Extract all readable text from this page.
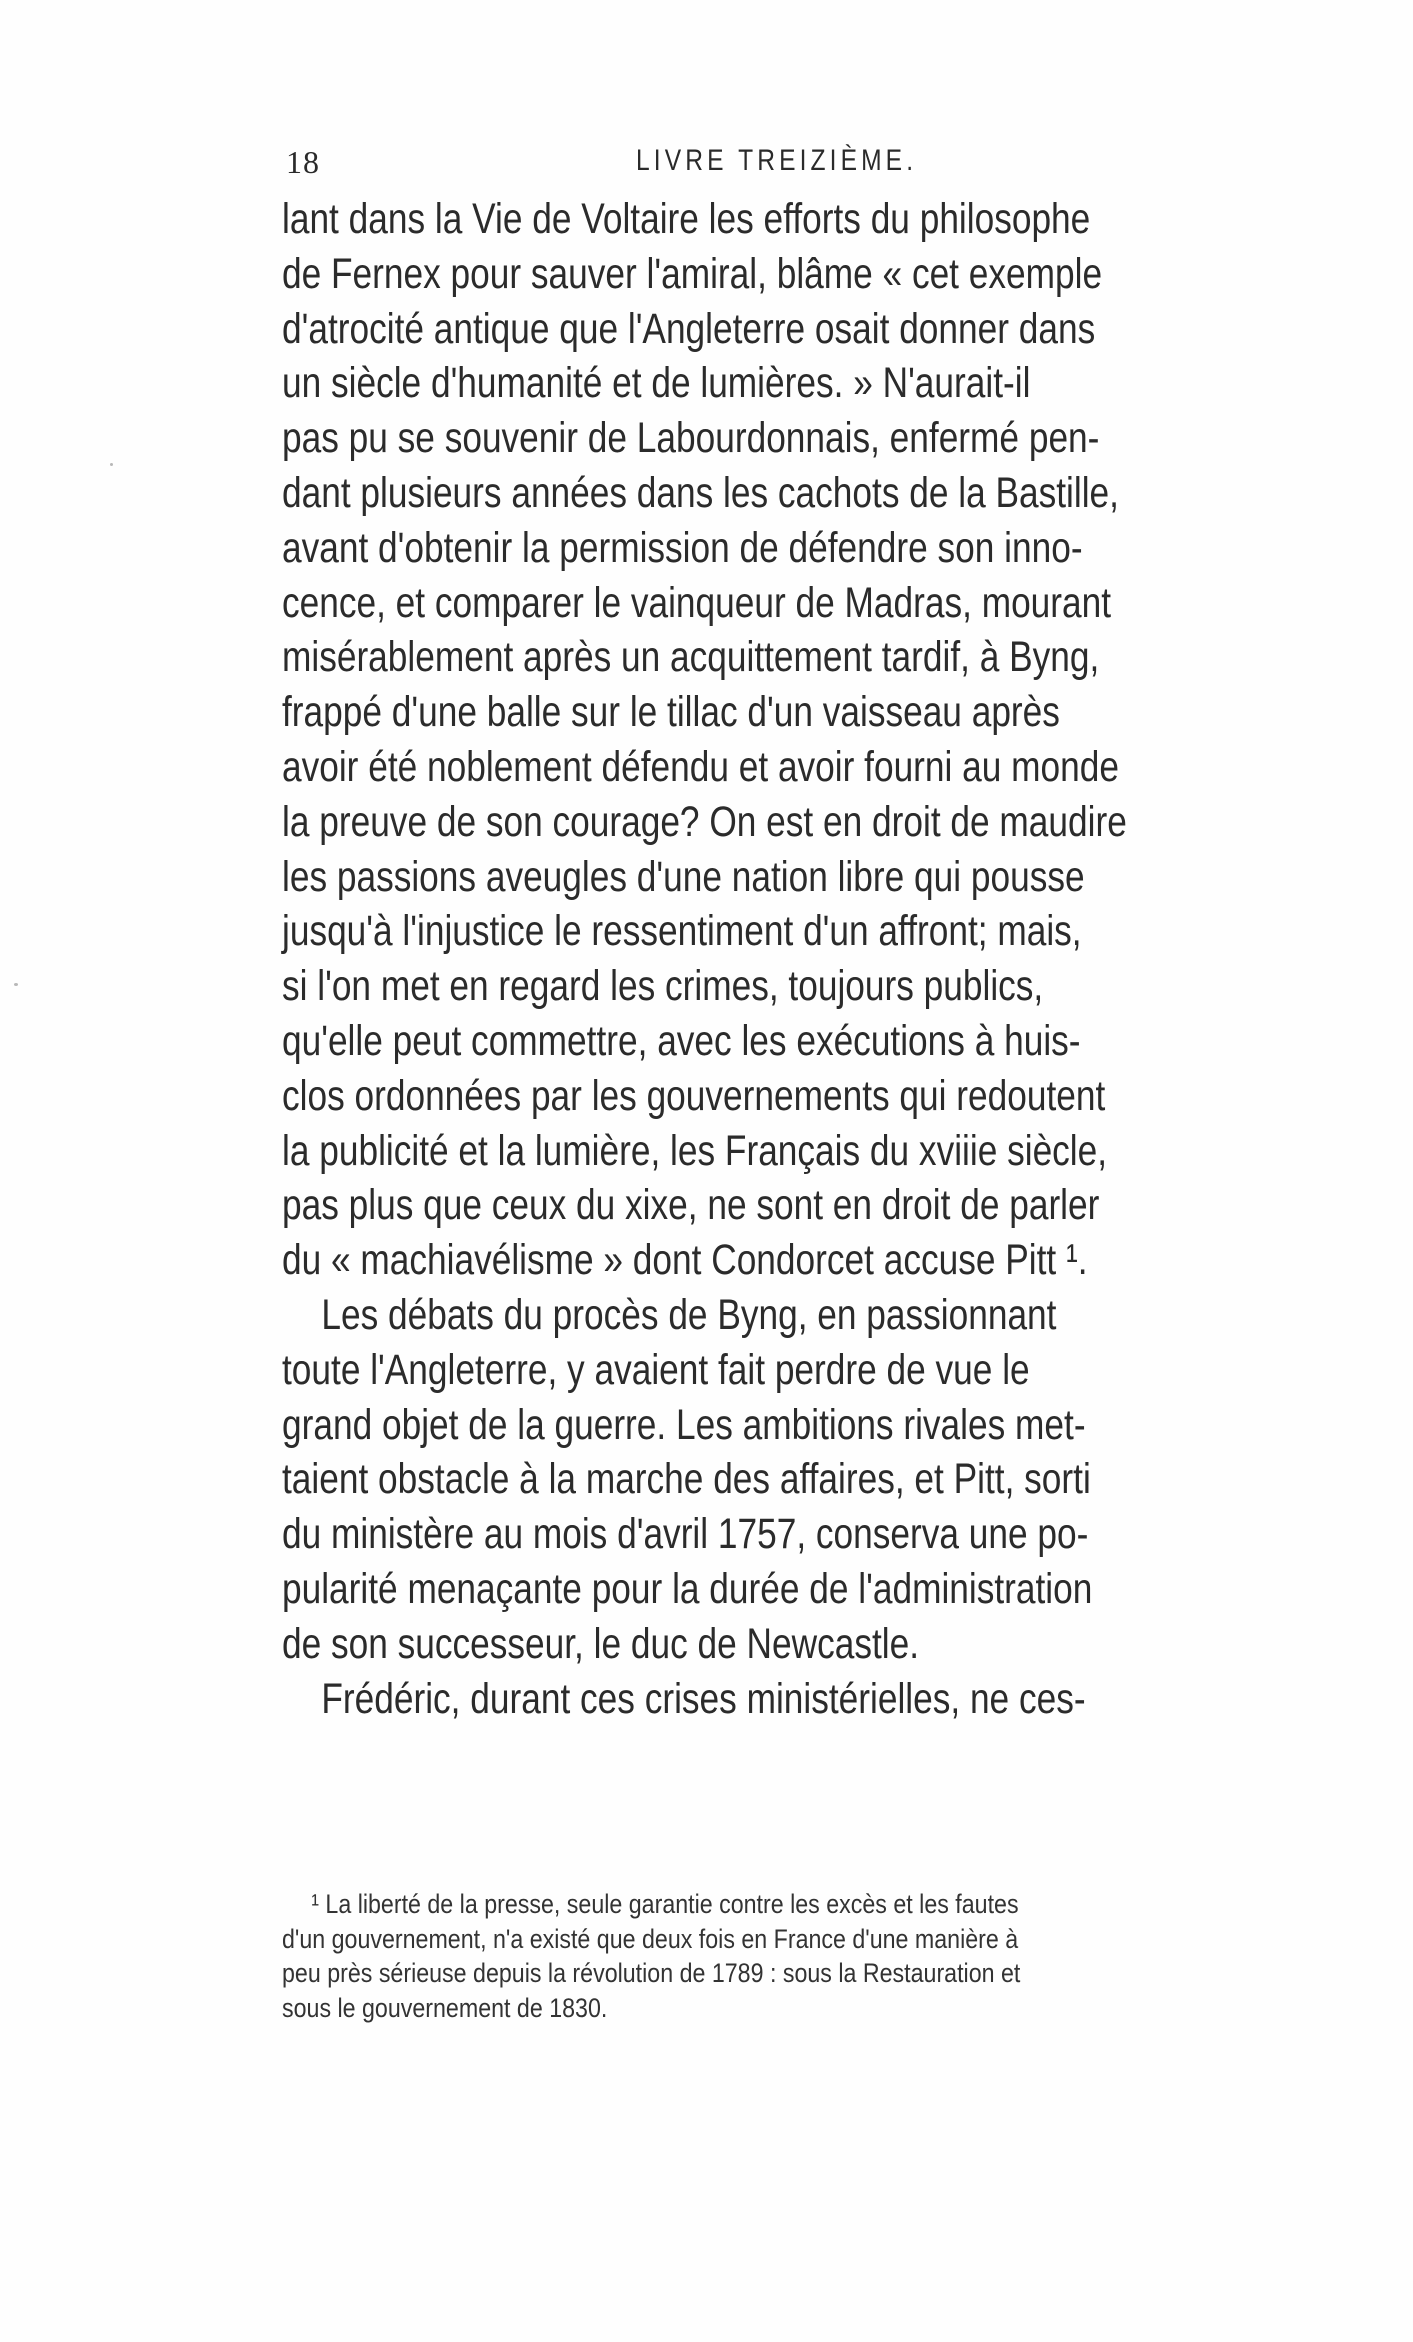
18	LIVRE TREIZIÈME.
lant dans la Vie de Voltaire les efforts du philosophe
de Fernex pour sauver l'amiral, blâme « cet exemple
d'atrocité antique que l'Angleterre osait donner dans
un siècle d'humanité et de lumières. » N'aurait-il
pas pu se souvenir de Labourdonnais, enfermé pen-
dant plusieurs années dans les cachots de la Bastille,
avant d'obtenir la permission de défendre son inno-
cence, et comparer le vainqueur de Madras, mourant
misérablement après un acquittement tardif, à Byng,
frappé d'une balle sur le tillac d'un vaisseau après
avoir été noblement défendu et avoir fourni au monde
la preuve de son courage? On est en droit de maudire
les passions aveugles d'une nation libre qui pousse
jusqu'à l'injustice le ressentiment d'un affront; mais,
si l'on met en regard les crimes, toujours publics,
qu'elle peut commettre, avec les exécutions à huis-
clos ordonnées par les gouvernements qui redoutent
la publicité et la lumière, les Français du xviiie siècle,
pas plus que ceux du xixe, ne sont en droit de parler
du « machiavélisme » dont Condorcet accuse Pitt ¹.
Les débats du procès de Byng, en passionnant
toute l'Angleterre, y avaient fait perdre de vue le
grand objet de la guerre. Les ambitions rivales met-
taient obstacle à la marche des affaires, et Pitt, sorti
du ministère au mois d'avril 1757, conserva une po-
pularité menaçante pour la durée de l'administration
de son successeur, le duc de Newcastle.
Frédéric, durant ces crises ministérielles, ne ces-
¹ La liberté de la presse, seule garantie contre les excès et les fautes
d'un gouvernement, n'a existé que deux fois en France d'une manière à
peu près sérieuse depuis la révolution de 1789 : sous la Restauration et
sous le gouvernement de 1830.
